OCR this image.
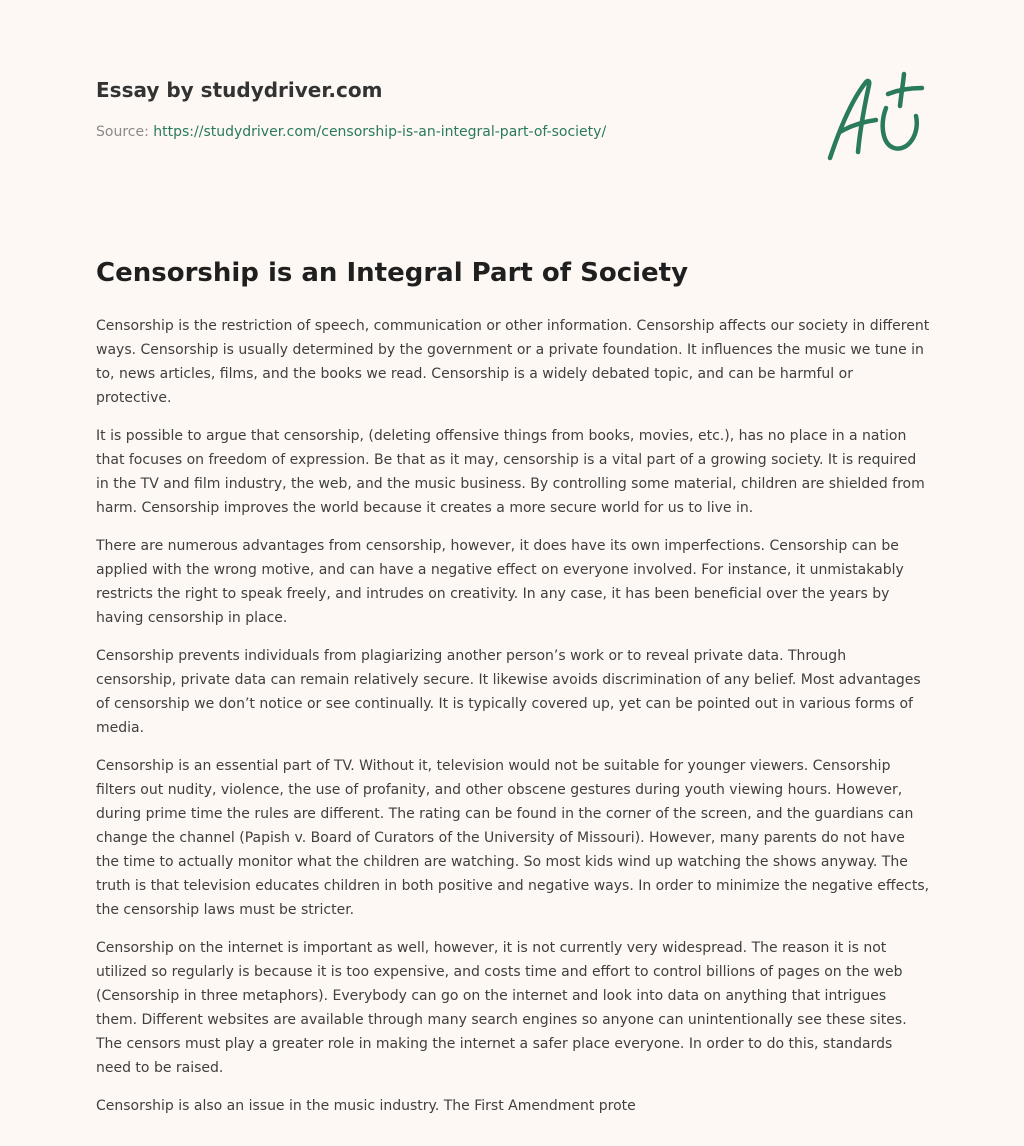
Essay by studydriver.com
Source: https://studydriver.com/censorship-is-an-integral-part-of-society/
Censorship is an Integral Part of Society

Censorship is the restriction of speech, communication or other information. Censorship affects our society in different ways. Censorship is usually determined by the government or a private foundation. It influences the music we tune in to, news articles, films, and the books we read. Censorship is a widely debated topic, and can be harmful or protective.

It is possible to argue that censorship, (deleting offensive things from books, movies, etc.), has no place in a nation that focuses on freedom of expression. Be that as it may, censorship is a vital part of a growing society. It is required in the TV and film industry, the web, and the music business. By controlling some material, children are shielded from harm. Censorship improves the world because it creates a more secure world for us to live in.

There are numerous advantages from censorship, however, it does have its own imperfections. Censorship can be applied with the wrong motive, and can have a negative effect on everyone involved. For instance, it unmistakably restricts the right to speak freely, and intrudes on creativity. In any case, it has been beneficial over the years by having censorship in place.

Censorship prevents individuals from plagiarizing another person’s work or to reveal private data. Through censorship, private data can remain relatively secure. It likewise avoids discrimination of any belief. Most advantages of censorship we don’t notice or see continually. It is typically covered up, yet can be pointed out in various forms of media.

Censorship is an essential part of TV. Without it, television would not be suitable for younger viewers. Censorship filters out nudity, violence, the use of profanity, and other obscene gestures during youth viewing hours. However, during prime time the rules are different. The rating can be found in the corner of the screen, and the guardians can change the channel (Papish v. Board of Curators of the University of Missouri). However, many parents do not have the time to actually monitor what the children are watching. So most kids wind up watching the shows anyway. The truth is that television educates children in both positive and negative ways. In order to minimize the negative effects, the censorship laws must be stricter.

Censorship on the internet is important as well, however, it is not currently very widespread. The reason it is not utilized so regularly is because it is too expensive, and costs time and effort to control billions of pages on the web (Censorship in three metaphors). Everybody can go on the internet and look into data on anything that intrigues them. Different websites are available through many search engines so anyone can unintentionally see these sites. The censors must play a greater role in making the internet a safer place everyone. In order to do this, standards need to be raised.

Censorship is also an issue in the music industry. The First Amendment prote
